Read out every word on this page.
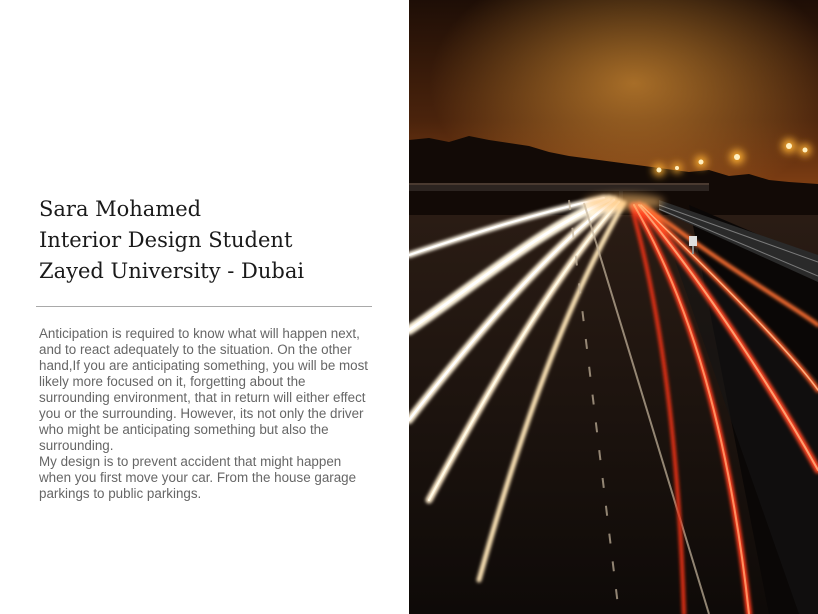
Sara Mohamed
Interior Design Student
Zayed University - Dubai

Anticipation is required to know what will happen next, and to react adequately to the situation. On the other hand,If you are anticipating something, you will be most likely more focused on it, forgetting about the surrounding environment, that in return will either effect you or the surrounding. However, its not only the driver who might be anticipating something but also the surrounding.

My design is to prevent accident that might happen when you first move your car. From the house garage parkings to public parkings.
